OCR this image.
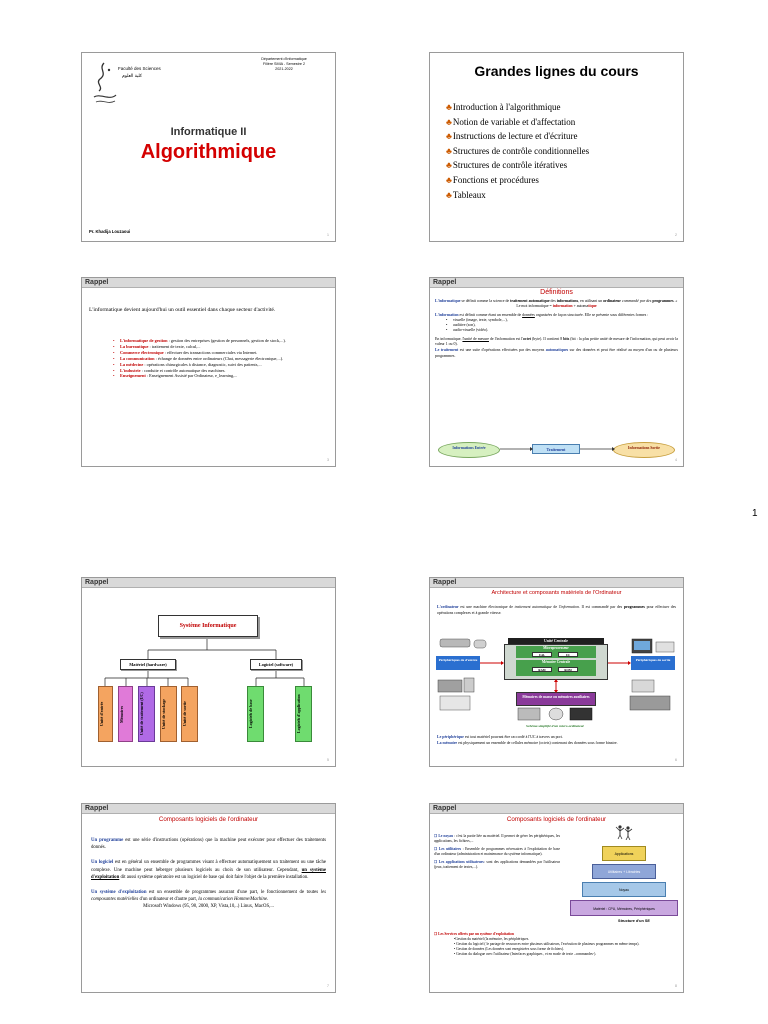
Faculté des Sciences
كلية العلوم
Département d'Informatique
Filière SMIA - Semestre 2
2021-2022
Informatique II
Algorithmique
Pr. Khadija Louzaoui
1
Grandes lignes du cours
♣ Introduction à l'algorithmique
♣ Notion de variable et d'affectation
♣ Instructions de lecture et d'écriture
♣ Structures de contrôle conditionnelles
♣ Structures de contrôle itératives
♣ Fonctions et procédures
♣ Tableaux
2
Rappel
L'informatique devient aujourd'hui un outil essentiel dans chaque secteur d'activité.
• L'informatique de gestion : gestion des entreprises (gestion de personnels, gestion de stock,...).
• La bureautique : traitement de texte, calcul,...
• Commerce électronique : effectuer des transactions commerciales via Internet.
• La communication : échange de données entre ordinateurs (Chat, messagerie électronique,...).
• La médecine : opérations chirurgicales à distance, diagnostic, suivi des patients,...
• L'industrie : conduite et contrôle automatique des machines.
• Enseignement : Enseignement Assisté par Ordinateur, e_learning,...
3
Rappel
Définitions
L'informatique se définit comme la science de traitement automatique des informations, en utilisant un ordinateur commandé par des programmes. «
Le mot informatique = information + automatique
L'information est définit comme étant un ensemble de données organisées de façon structurée. Elle se présente sous différentes formes :
• visuelle (image, texte, symbole,...),
• auditive (son),
• audio-visuelle (vidéo).
En informatique, l'unité de mesure de l'information est l'octet (byte). Il contient 8 bits (bit : la plus petite unité de mesure de l'information, qui peut avoir la valeur 1 ou 0).
Le traitement est une suite d'opérations effectuées par des moyens automatiques sur des données et peut être réalisé au moyen d'un ou de plusieurs programmes.
Informations Entrée	Traitement	Informations Sortie
4
1
Rappel
Système Informatique
Matériel (hardware)	Logiciel (software)
Unité d'entrée	Mémoires	Unité de traitement (UC)	Unité de stockage	Unité de sortie	Logiciels de base	Logiciels d'application
5
Rappel
Architecture et composants matériels de l'Ordinateur
L'ordinateur est une machine électronique de traitement automatique de l'information. Il est commandé par des programmes pour effectuer des opérations complexes et à grande vitesse.
Unité Centrale
Microprocesseur
UAL	UC
Mémoire Centrale
RAM	ROM
Périphériques de d'entrée	Périphériques de sortie
Mémoires de masse ou mémoires auxiliaires
Schéma simplifié d'un micro-ordinateur
Le périphérique est tout matériel pouvant être raccordé à l'UC à travers un port.
La mémoire est physiquement un ensemble de cellules mémoire (octets) contenant des données sous forme binaire.
6
Rappel
Composants logiciels de l'ordinateur
Un programme est une série d'instructions (opérations) que la machine peut exécuter pour effectuer des traitements donnés.
Un logiciel est en général un ensemble de programmes visant à effectuer automatiquement un traitement ou une tâche complexe. Une machine peut héberger plusieurs logiciels au choix de son utilisateur. Cependant, un système d'exploitation dit aussi système opératoire est un logiciel de base qui doit faire l'objet de la première installation.
Un système d'exploitation est un ensemble de programmes assurant d'une part, le fonctionnement de toutes les composantes matérielles d'un ordinateur et d'autre part, la communication Homme/Machine.
Microsoft Windows (95, 98, 2000, XP, Vista,10,..) Linux, MacOS,...
7
Rappel
Composants logiciels de l'ordinateur
❒ Le noyau : c'est la partie liée au matériel. Il permet de gérer les périphériques, les applications, les fichiers,...
❒ Les utilitaires : Ensemble de programmes nécessaires à l'exploitation de base d'un ordinateur (administration et maintenance du système informatique).
❒ Les applications utilisateurs: sont des applications demandées par l'utilisateur (jeux, traitement de textes,...).
❒ Les Services offerts par un système d'exploitation
•Gestion du matériel (la mémoire, les périphériques.
• Gestion du logiciel ( le partage de ressources entre plusieurs utilisateurs, l'exécution de plusieurs programmes en même temps).
• Gestion de données (Les données sont enregistrées sous forme de fichiers).
• Gestion du dialogue avec l'utilisateur (Interfaces graphiques , et en mode de texte –commandes-).
Applications
Utilitaires + Librairies
Noyau
Matériel : CPU, Mémoires, Périphériques
Structure d'un SE
8
